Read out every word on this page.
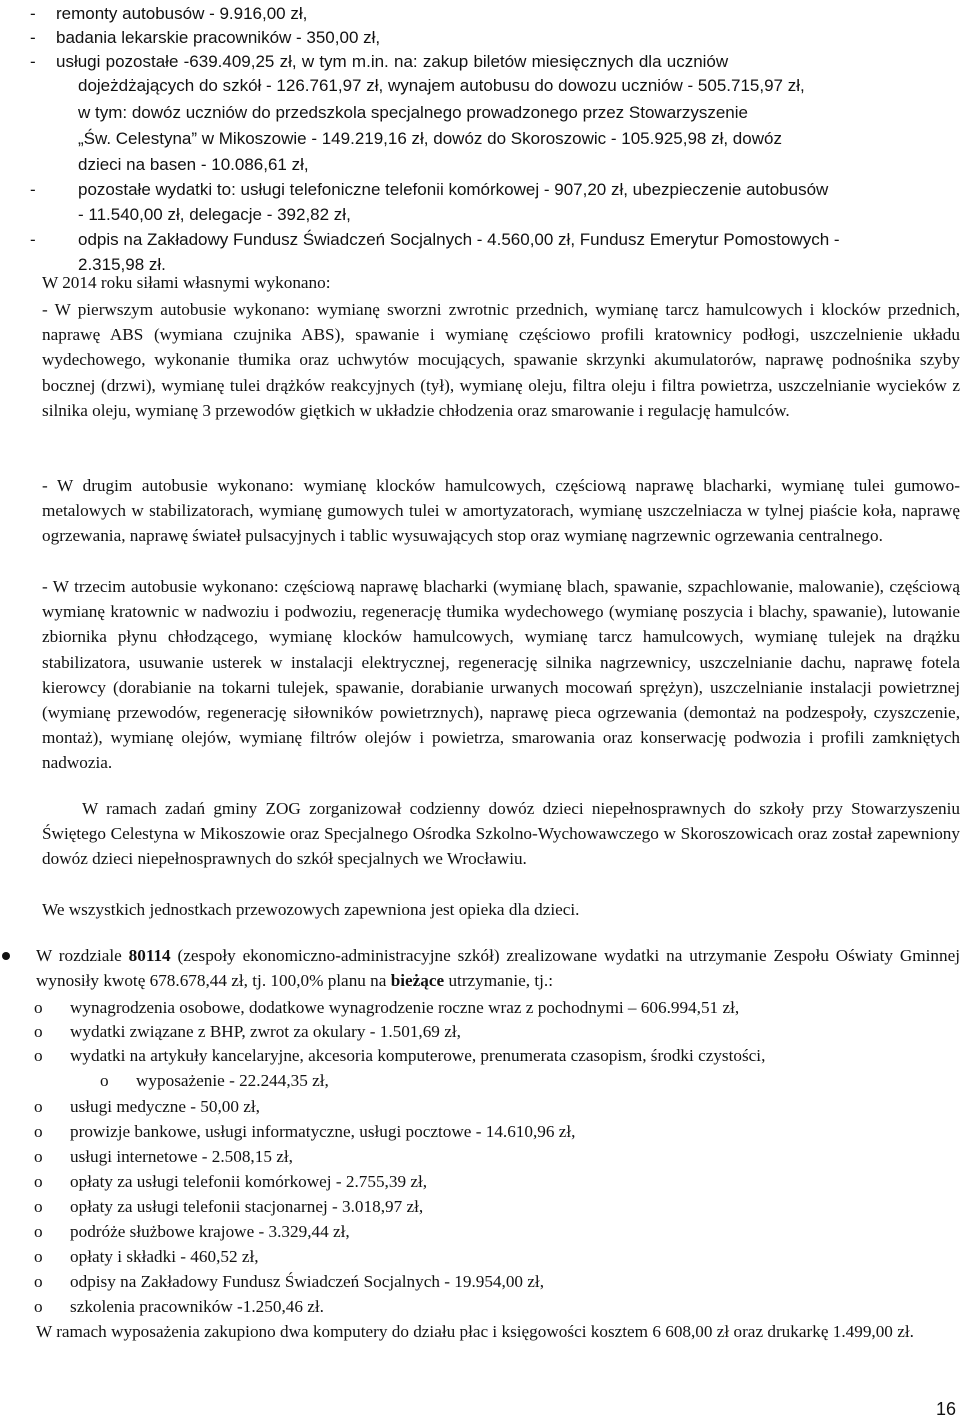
- remonty autobusów - 9.916,00 zł,
- badania lekarskie pracowników - 350,00 zł,
- usługi pozostałe -639.409,25 zł, w tym m.in. na: zakup biletów miesięcznych dla uczniów
dojeżdżających do szkół - 126.761,97 zł, wynajem autobusu do dowozu uczniów - 505.715,97 zł,
w tym: dowóz uczniów do przedszkola specjalnego prowadzonego przez Stowarzyszenie
„Św. Celestyna” w Mikoszowie - 149.219,16 zł, dowóz do Skoroszowic - 105.925,98 zł, dowóz
dzieci na basen - 10.086,61 zł,
- pozostałe wydatki to: usługi telefoniczne telefonii komórkowej - 907,20 zł, ubezpieczenie autobusów
- 11.540,00 zł, delegacje - 392,82 zł,
- odpis na Zakładowy Fundusz Świadczeń Socjalnych - 4.560,00 zł, Fundusz Emerytur Pomostowych -
2.315,98 zł.
W 2014 roku siłami własnymi wykonano:
- W pierwszym autobusie wykonano: wymianę sworzni zwrotnic przednich, wymianę tarcz hamulcowych i klocków przednich, naprawę ABS (wymiana czujnika ABS), spawanie i wymianę częściowo profili kratownicy podłogi, uszczelnienie układu wydechowego, wykonanie tłumika oraz uchwytów mocujących, spawanie skrzynki akumulatorów, naprawę podnośnika szyby bocznej (drzwi), wymianę tulei drążków reakcyjnych (tył), wymianę oleju, filtra oleju i filtra powietrza, uszczelnianie wycieków z silnika oleju, wymianę 3 przewodów giętkich w układzie chłodzenia oraz smarowanie i regulację hamulców.
- W drugim autobusie wykonano: wymianę klocków hamulcowych, częściową naprawę blacharki, wymianę tulei gumowo-metalowych w stabilizatorach, wymianę gumowych tulei w amortyzatorach, wymianę uszczelniacza w tylnej piaście koła, naprawę ogrzewania, naprawę świateł pulsacyjnych i tablic wysuwających stop oraz wymianę nagrzewnic ogrzewania centralnego.
- W trzecim autobusie wykonano: częściową naprawę blacharki (wymianę blach, spawanie, szpachlowanie, malowanie), częściową wymianę kratownic w nadwoziu i podwoziu, regenerację tłumika wydechowego (wymianę poszycia i blachy, spawanie), lutowanie zbiornika płynu chłodzącego, wymianę klocków hamulcowych, wymianę tarcz hamulcowych, wymianę tulejek na drążku stabilizatora, usuwanie usterek w instalacji elektrycznej, regenerację silnika nagrzewnicy, uszczelnianie dachu, naprawę fotela kierowcy (dorabianie na tokarni tulejek, spawanie, dorabianie urwanych mocowań sprężyn), uszczelnianie instalacji powietrznej (wymianę przewodów, regenerację siłowników powietrznych), naprawę pieca ogrzewania (demontaż na podzespoły, czyszczenie, montaż), wymianę olejów, wymianę filtrów olejów i powietrza, smarowania oraz konserwację podwozia i profili zamkniętych nadwozia.
W ramach zadań gminy ZOG zorganizował codzienny dowóz dzieci niepełnosprawnych do szkoły przy Stowarzyszeniu Świętego Celestyna w Mikoszowie oraz Specjalnego Ośrodka Szkolno-Wychowawczego w Skoroszowicach oraz został zapewniony dowóz dzieci niepełnosprawnych do szkół specjalnych we Wrocławiu.
We wszystkich jednostkach przewozowych zapewniona jest opieka dla dzieci.
W rozdziale 80114 (zespoły ekonomiczno-administracyjne szkół) zrealizowane wydatki na utrzymanie Zespołu Oświaty Gminnej wynosiły kwotę 678.678,44 zł, tj. 100,0% planu na bieżące utrzymanie, tj.:
o wynagrodzenia osobowe, dodatkowe wynagrodzenie roczne wraz z pochodnymi – 606.994,51 zł,
o wydatki związane z BHP, zwrot za okulary - 1.501,69 zł,
o wydatki na artykuły kancelaryjne, akcesoria komputerowe, prenumerata czasopism, środki czystości,
o wyposażenie - 22.244,35 zł,
o usługi medyczne - 50,00 zł,
o prowizje bankowe, usługi informatyczne, usługi pocztowe - 14.610,96 zł,
o usługi internetowe - 2.508,15 zł,
o opłaty za usługi telefonii komórkowej - 2.755,39 zł,
o opłaty za usługi telefonii stacjonarnej - 3.018,97 zł,
o podróże służbowe krajowe - 3.329,44 zł,
o opłaty i składki - 460,52 zł,
o odpisy na Zakładowy Fundusz Świadczeń Socjalnych - 19.954,00 zł,
o szkolenia pracowników -1.250,46 zł.
W ramach wyposażenia zakupiono dwa komputery do działu płac i księgowości kosztem 6 608,00 zł oraz drukarkę 1.499,00 zł.
16
